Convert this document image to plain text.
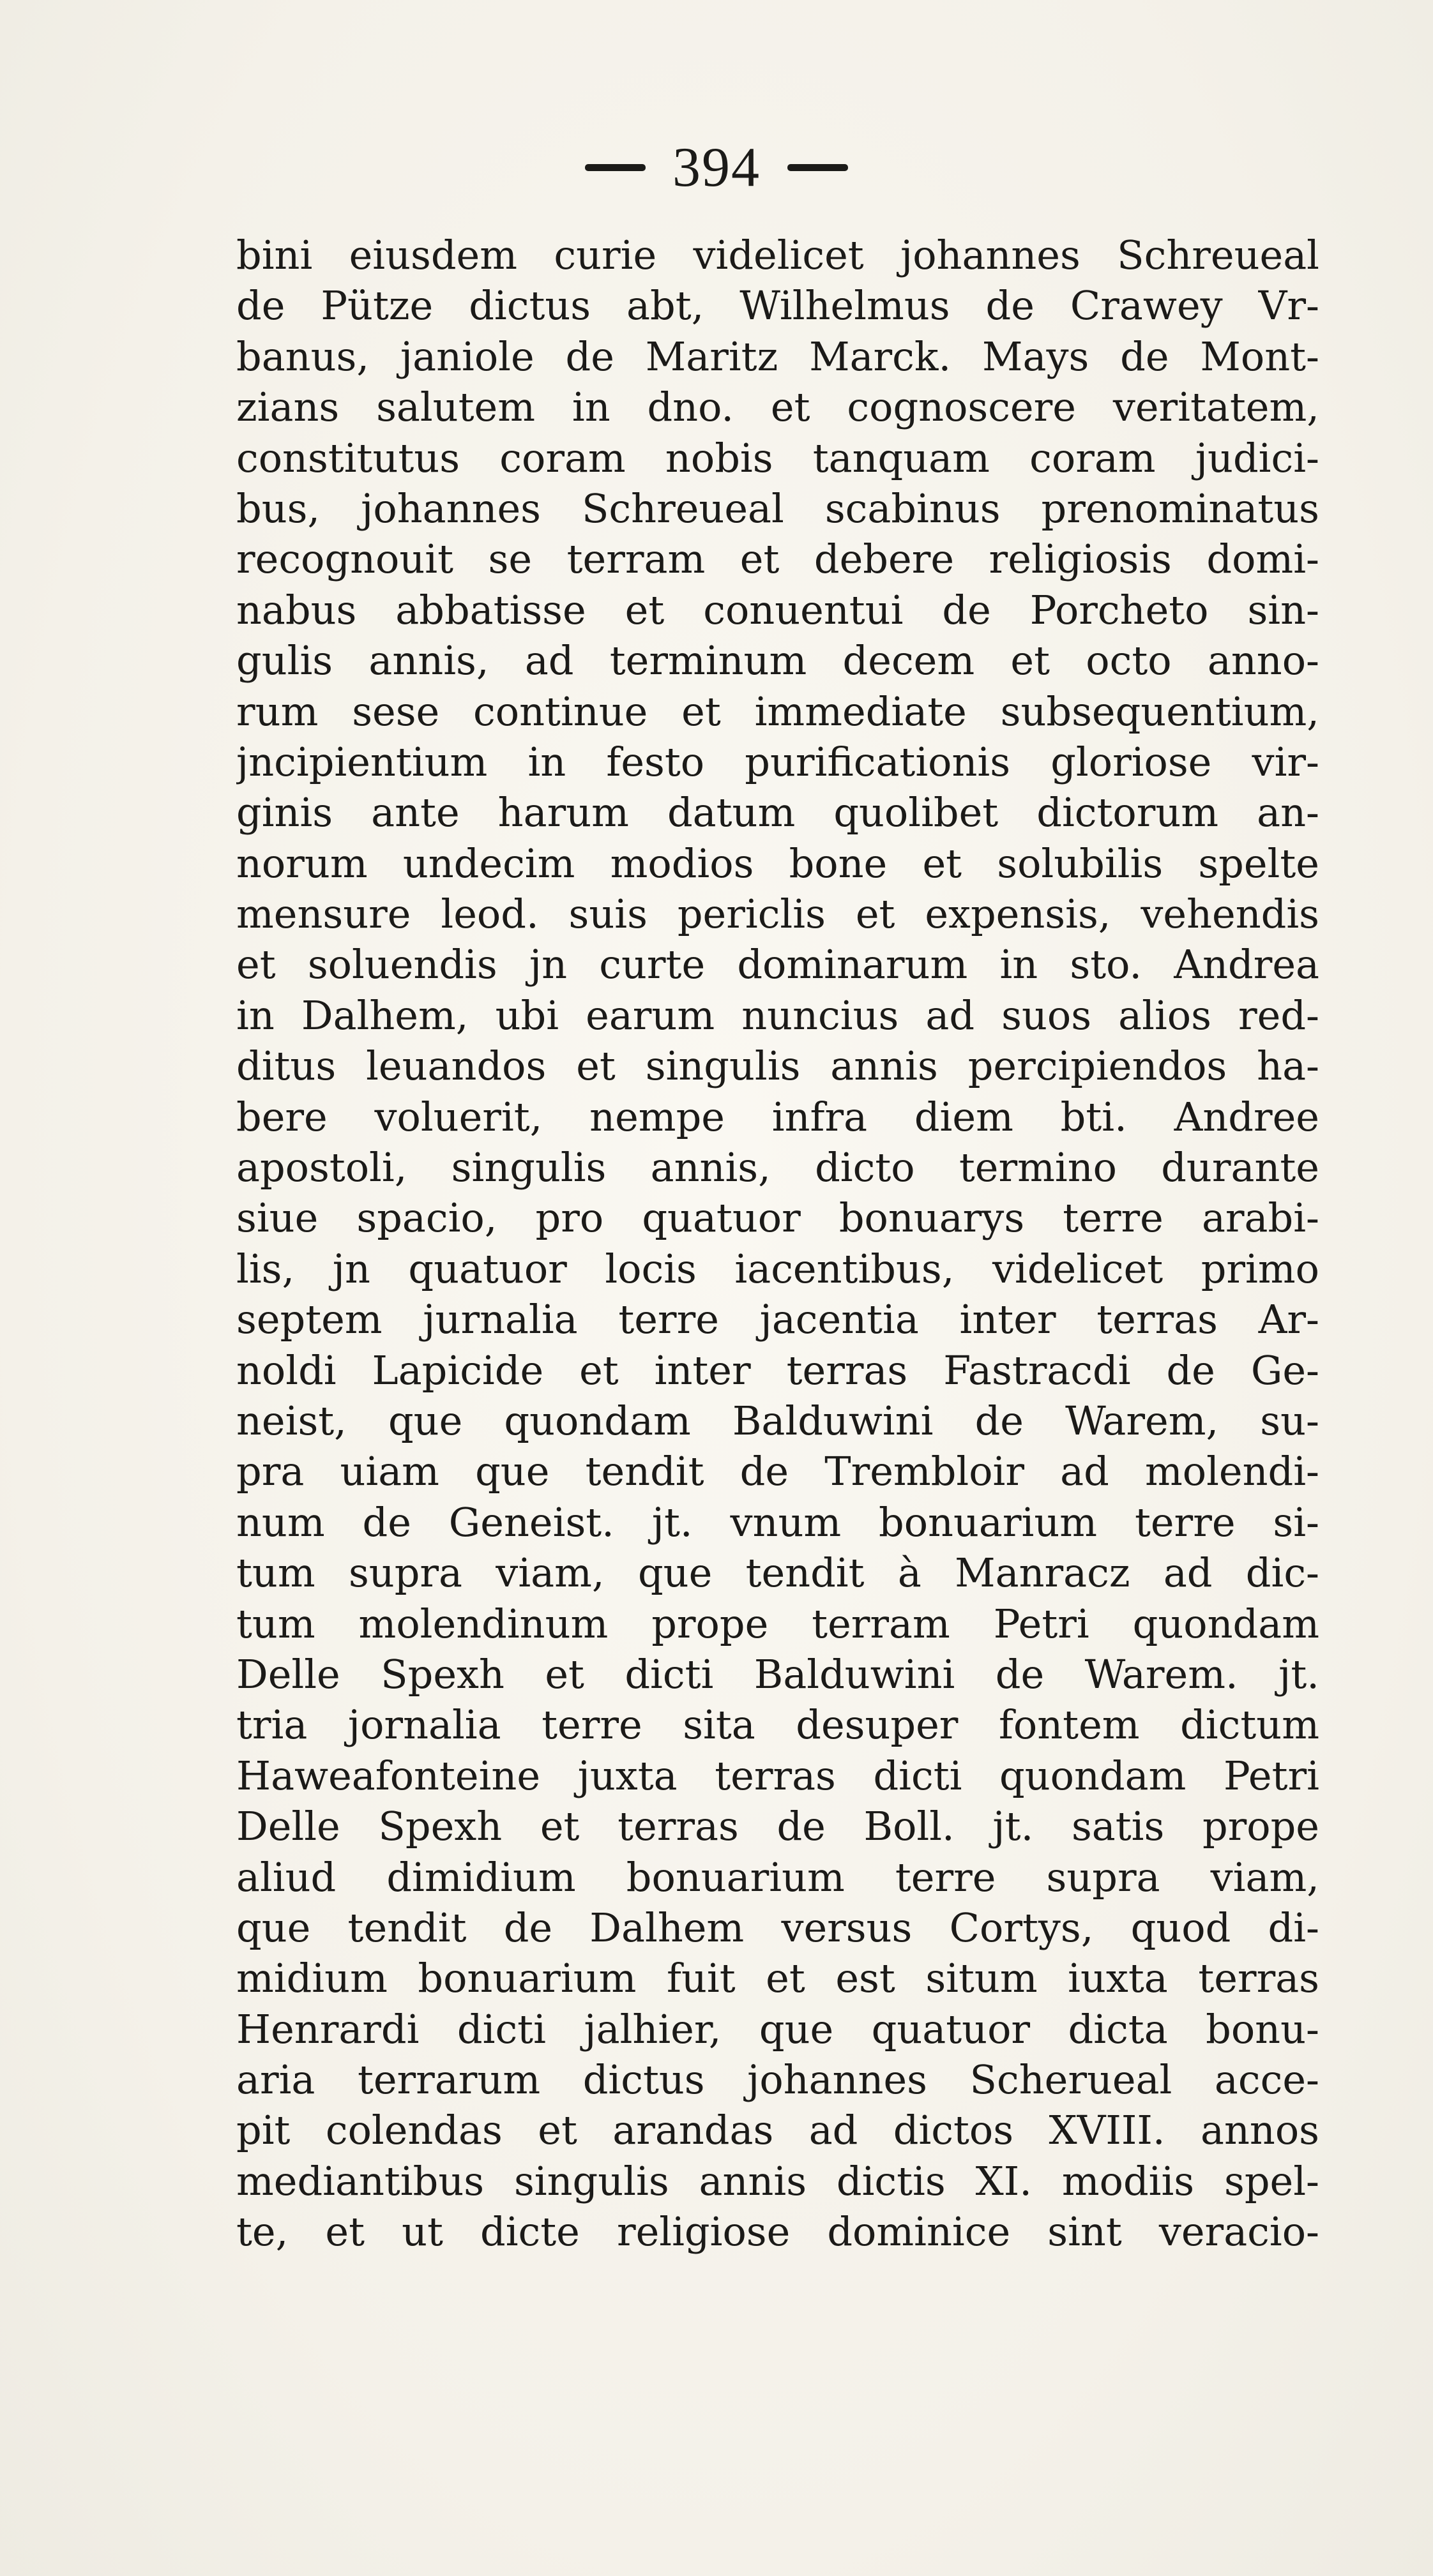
394
bini eiusdem curie videlicet johannes Schreueal
de Pütze dictus abt, Wilhelmus de Crawey Vr-
banus, janiole de Maritz Marck. Mays de Mont-
zians salutem in dno. et cognoscere veritatem,
constitutus coram nobis tanquam coram judici-
bus, johannes Schreueal scabinus prenominatus
recognouit se terram et debere religiosis domi-
nabus abbatisse et conuentui de Porcheto sin-
gulis annis, ad terminum decem et octo anno-
rum sese continue et immediate subsequentium,
jncipientium in festo purificationis gloriose vir-
ginis ante harum datum quolibet dictorum an-
norum undecim modios bone et solubilis spelte
mensure leod. suis periclis et expensis, vehendis
et soluendis jn curte dominarum in sto. Andrea
in Dalhem, ubi earum nuncius ad suos alios red-
ditus leuandos et singulis annis percipiendos ha-
bere voluerit, nempe infra diem bti. Andree
apostoli, singulis annis, dicto termino durante
siue spacio, pro quatuor bonuarys terre arabi-
lis, jn quatuor locis iacentibus, videlicet primo
septem jurnalia terre jacentia inter terras Ar-
noldi Lapicide et inter terras Fastracdi de Ge-
neist, que quondam Balduwini de Warem, su-
pra uiam que tendit de Tremblоir ad molendi-
num de Geneist. jt. vnum bonuarium terre si-
tum supra viam, que tendit à Manracz ad dic-
tum molendinum prope terram Petri quondam
Delle Spexh et dicti Balduwini de Warem. jt.
tria jornalia terre sita desuper fontem dictum
Haweafonteine juxta terras dicti quondam Petri
Delle Spexh et terras de Boll. jt. satis prope
aliud dimidium bonuarium terre supra viam,
que tendit de Dalhem versus Cortys, quod di-
midium bonuarium fuit et est situm iuxta terras
Henrardi dicti jalhier, que quatuor dicta bonu-
aria terrarum dictus johannes Scheruеal acce-
pit colendas et arandas ad dictos XVIII. annos
mediantibus singulis annis dictis XI. modiis spel-
te, et ut dicte religiose dominice sint veracio-
